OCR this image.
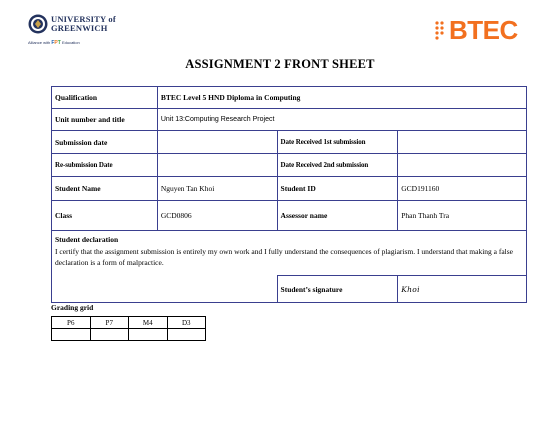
UNIVERSITY of
GREENWICH
Alliance with FPT Education	BTEC
ASSIGNMENT 2 FRONT SHEET
Qualification	BTEC Level 5 HND Diploma in Computing		
Unit number and title	Unit 13:Computing Research Project		
Submission date		Date Received 1st submission	
Re-submission Date		Date Received 2nd submission	
Student Name	Nguyen Tan Khoi	Student ID	GCD191160
Class	GCD0806	Assessor name	Phan Thanh Tra

Student declaration
I certify that the assignment submission is entirely my own work and I fully understand the consequences of plagiarism. I understand that making a false declaration is a form of malpractice.			

		Student’s signature	Khoi
Grading grid
P6	P7	M4	D3
